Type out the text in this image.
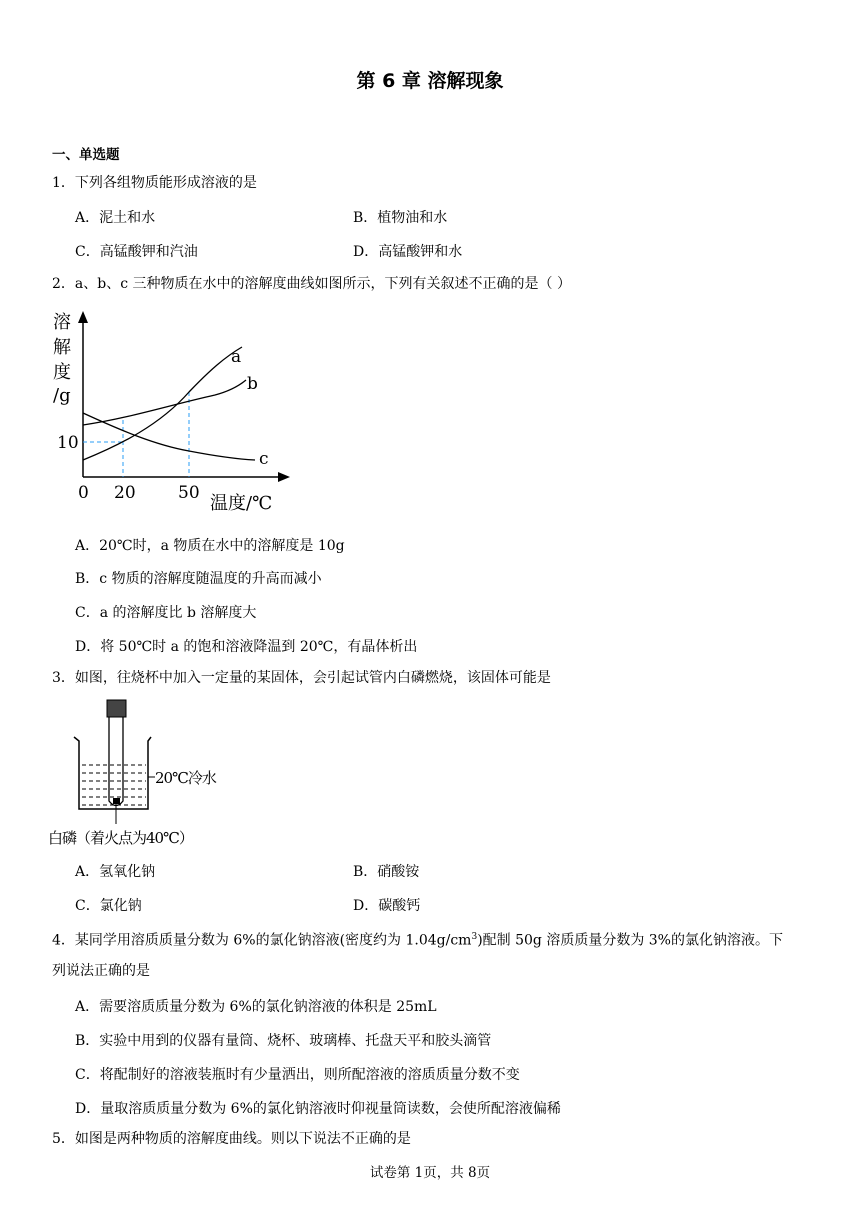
第 6 章 溶解现象
一、单选题
1．下列各组物质能形成溶液的是
A．泥土和水	B．植物油和水
C．高锰酸钾和汽油	D．高锰酸钾和水
2．a、b、c 三种物质在水中的溶解度曲线如图所示，下列有关叙述不正确的是（ ）
溶
解
度
/g
a
b
c
10
0 20 50 温度/℃
A．20℃时，a 物质在水中的溶解度是 10g
B．c 物质的溶解度随温度的升高而减小
C．a 的溶解度比 b 溶解度大
D．将 50℃时 a 的饱和溶液降温到 20℃，有晶体析出
3．如图，往烧杯中加入一定量的某固体，会引起试管内白磷燃烧，该固体可能是
20℃冷水
白磷（着火点为40℃）
A．氢氧化钠	B．硝酸铵
C．氯化钠	D．碳酸钙
4．某同学用溶质质量分数为 6%的氯化钠溶液(密度约为 $1.04g/cm^3$)配制 50g 溶质质量分数为 3%的氯化钠溶液。下
列说法正确的是
A．需要溶质质量分数为 6%的氯化钠溶液的体积是 25mL
B．实验中用到的仪器有量筒、烧杯、玻璃棒、托盘天平和胶头滴管
C．将配制好的溶液装瓶时有少量洒出，则所配溶液的溶质质量分数不变
D．量取溶质质量分数为 6%的氯化钠溶液时仰视量筒读数，会使所配溶液偏稀
5．如图是两种物质的溶解度曲线。则以下说法不正确的是
试卷第 1页，共 8页
